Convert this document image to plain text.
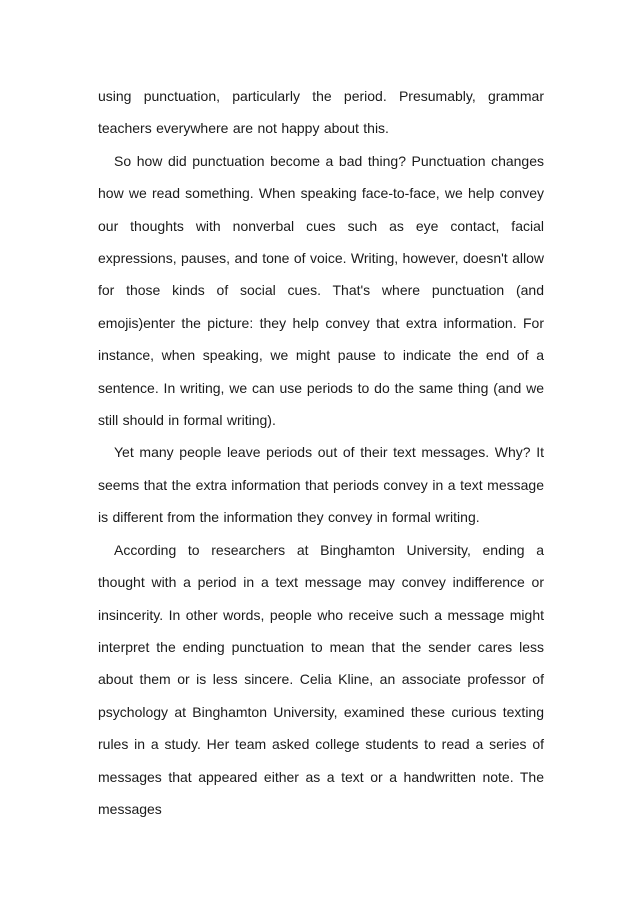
using punctuation, particularly the period. Presumably, grammar teachers everywhere are not happy about this.

So how did punctuation become a bad thing? Punctuation changes how we read something. When speaking face-to-face, we help convey our thoughts with nonverbal cues such as eye contact, facial expressions, pauses, and tone of voice. Writing, however, doesn't allow for those kinds of social cues. That's where punctuation (and emojis)enter the picture: they help convey that extra information. For instance, when speaking, we might pause to indicate the end of a sentence. In writing, we can use periods to do the same thing (and we still should in formal writing).

Yet many people leave periods out of their text messages. Why? It seems that the extra information that periods convey in a text message is different from the information they convey in formal writing.

According to researchers at Binghamton University, ending a thought with a period in a text message may convey indifference or insincerity. In other words, people who receive such a message might interpret the ending punctuation to mean that the sender cares less about them or is less sincere. Celia Kline, an associate professor of psychology at Binghamton University, examined these curious texting rules in a study. Her team asked college students to read a series of messages that appeared either as a text or a handwritten note. The messages
